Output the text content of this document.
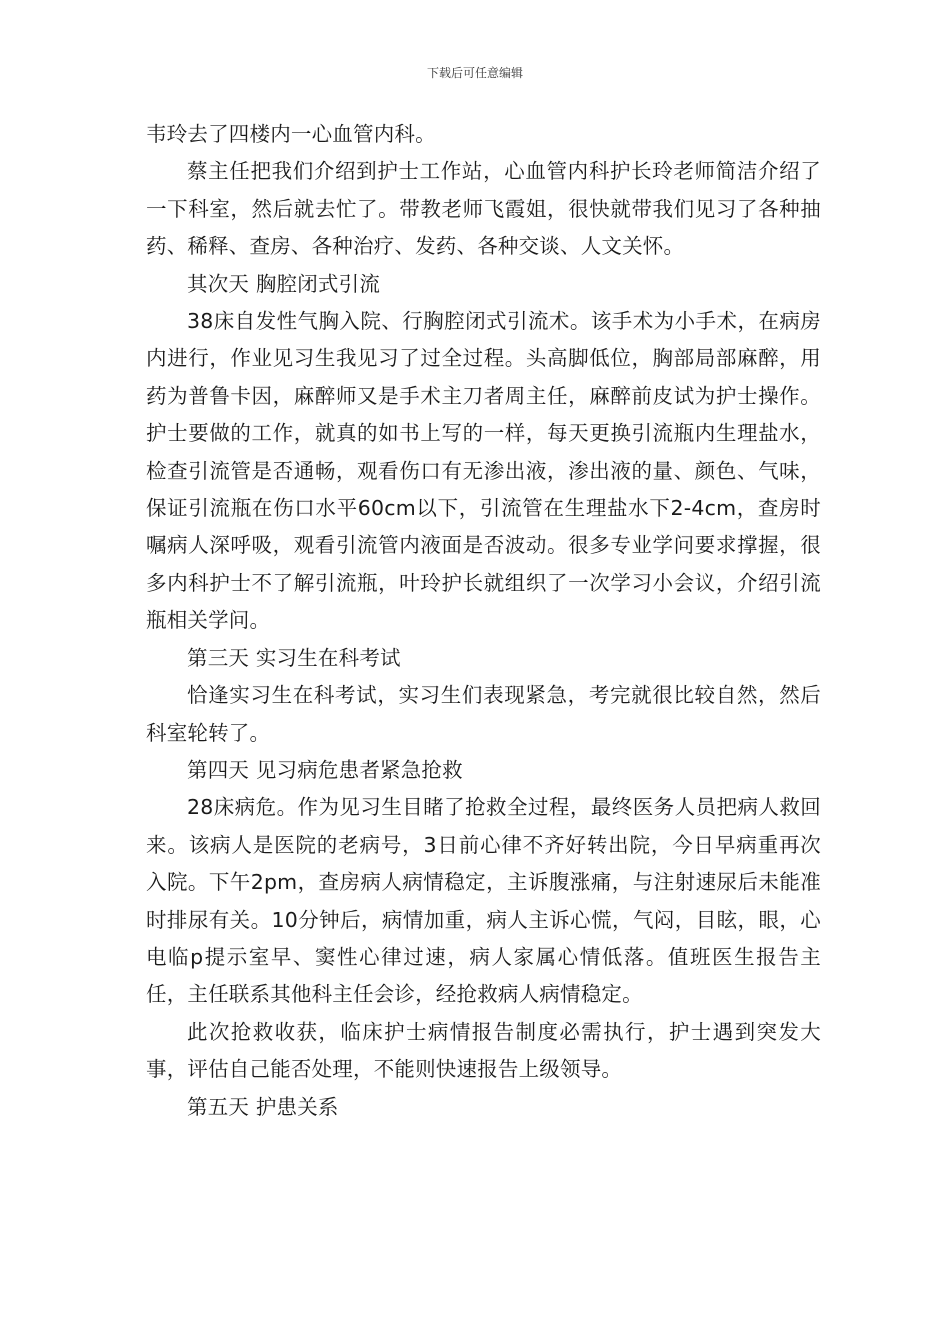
下载后可任意编辑

韦玲去了四楼内一心血管内科。

蔡主任把我们介绍到护士工作站，心血管内科护长玲老师简洁介绍了一下科室，然后就去忙了。带教老师飞霞姐，很快就带我们见习了各种抽药、稀释、查房、各种治疗、发药、各种交谈、人文关怀。

其次天 胸腔闭式引流

38床自发性气胸入院、行胸腔闭式引流术。该手术为小手术，在病房内进行，作业见习生我见习了过全过程。头高脚低位，胸部局部麻醉，用药为普鲁卡因，麻醉师又是手术主刀者周主任，麻醉前皮试为护士操作。护士要做的工作，就真的如书上写的一样，每天更换引流瓶内生理盐水，检查引流管是否通畅，观看伤口有无渗出液，渗出液的量、颜色、气味，保证引流瓶在伤口水平60cm以下，引流管在生理盐水下2-4cm，查房时嘱病人深呼吸，观看引流管内液面是否波动。很多专业学问要求撑握，很多内科护士不了解引流瓶，叶玲护长就组织了一次学习小会议，介绍引流瓶相关学问。

第三天 实习生在科考试

恰逢实习生在科考试，实习生们表现紧急，考完就很比较自然，然后科室轮转了。

第四天 见习病危患者紧急抢救

28床病危。作为见习生目睹了抢救全过程，最终医务人员把病人救回来。该病人是医院的老病号，3日前心律不齐好转出院，今日早病重再次入院。下午2pm，查房病人病情稳定，主诉腹涨痛，与注射速尿后未能准时排尿有关。10分钟后，病情加重，病人主诉心慌，气闷，目眩，眼，心电临p提示室早、窦性心律过速，病人家属心情低落。值班医生报告主任，主任联系其他科主任会诊，经抢救病人病情稳定。

此次抢救收获，临床护士病情报告制度必需执行，护士遇到突发大事，评估自己能否处理，不能则快速报告上级领导。

第五天 护患关系
